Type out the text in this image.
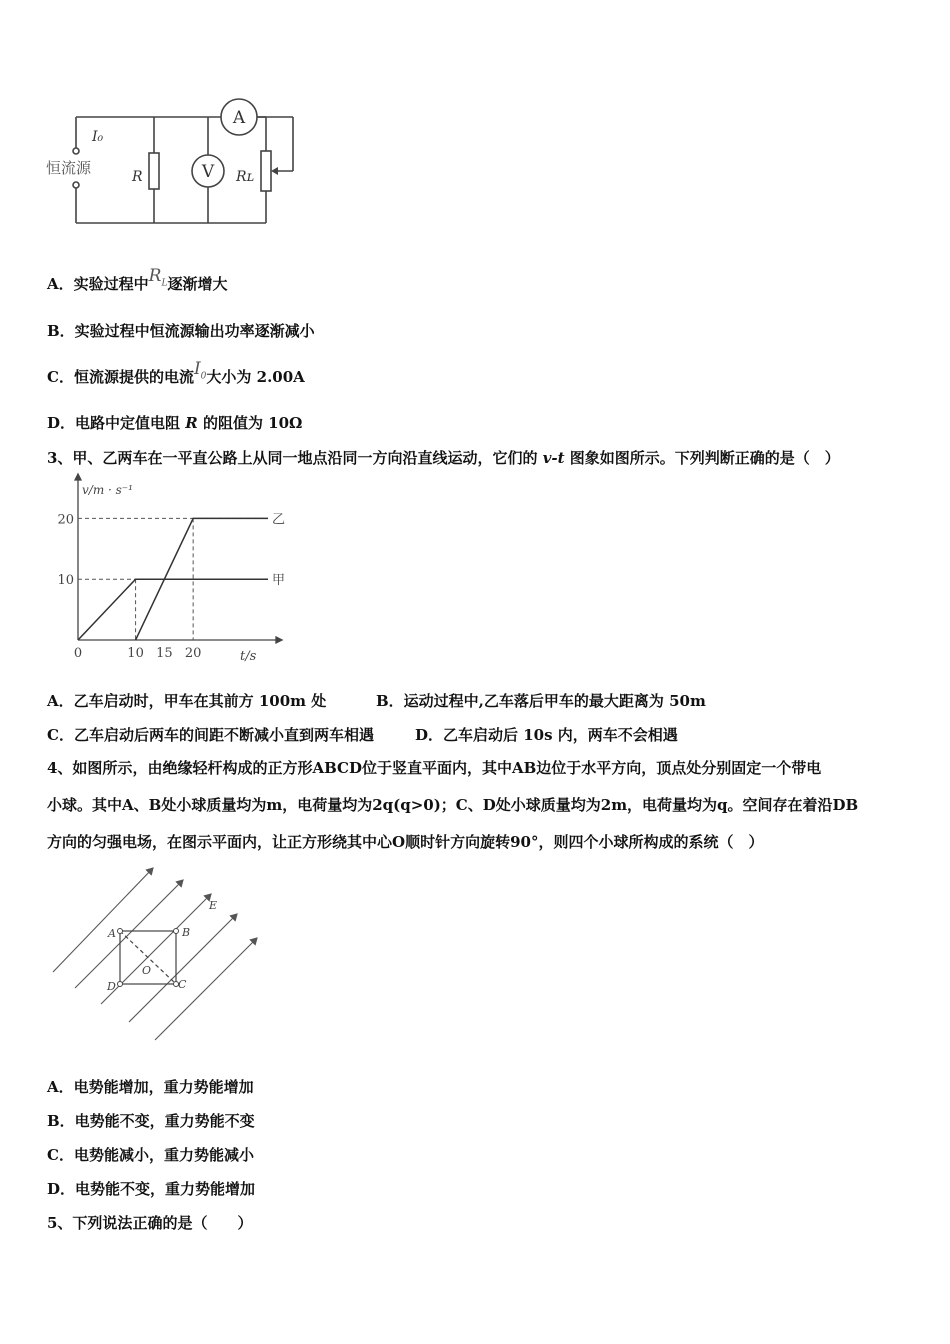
A
V
I₀
恒流源	R	Rʟ
A．实验过程中$R_L$逐渐增大
B．实验过程中恒流源输出功率逐渐减小
C．恒流源提供的电流$I_0$大小为 2.00A
D．电路中定值电阻 R 的阻值为 10Ω
3、甲、乙两车在一平直公路上从同一地点沿同一方向沿直线运动，它们的 v-t 图象如图所示。下列判断正确的是（　）
v/m · s⁻¹
t/s
0	10 15 20
10
20
甲
乙
A．乙车启动时，甲车在其前方 100m 处	B．运动过程中,乙车落后甲车的最大距离为 50m
C．乙车启动后两车的间距不断减小直到两车相遇	D．乙车启动后 10s 内，两车不会相遇
4、如图所示，由绝缘轻杆构成的正方形ABCD位于竖直平面内，其中AB边位于水平方向，顶点处分别固定一个带电
小球。其中A、B处小球质量均为m，电荷量均为2q(q>0)；C、D处小球质量均为2m，电荷量均为q。空间存在着沿DB
方向的匀强电场，在图示平面内，让正方形绕其中心O顺时针方向旋转90°，则四个小球所构成的系统（　）
E
A	B
C
D
O
A．电势能增加，重力势能增加
B．电势能不变，重力势能不变
C．电势能减小，重力势能减小
D．电势能不变，重力势能增加
5、下列说法正确的是（　　）
